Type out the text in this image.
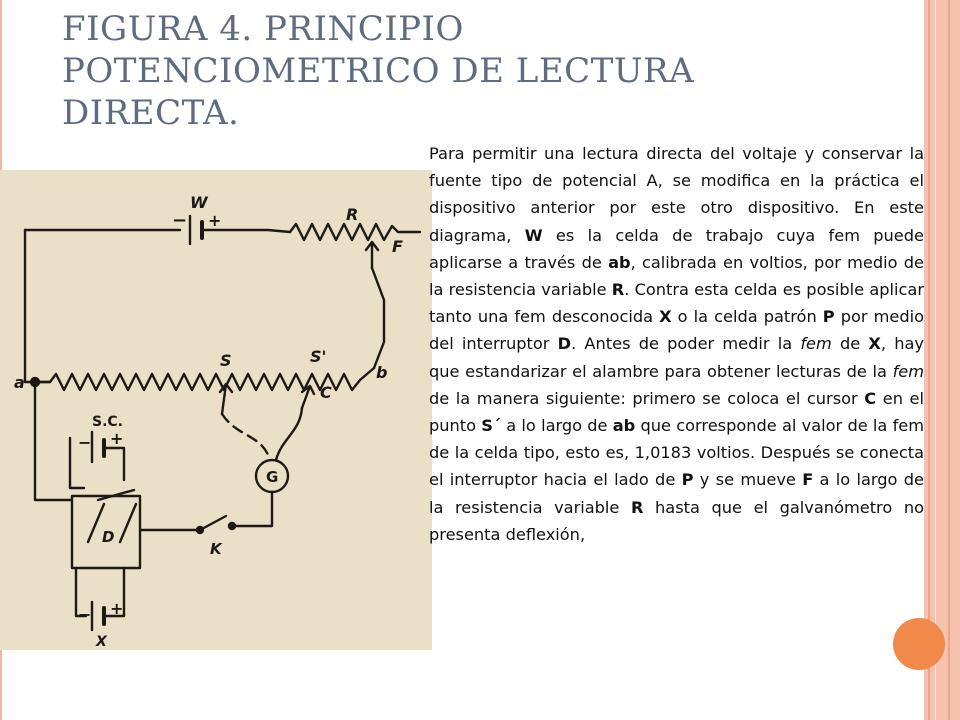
FIGURA 4. PRINCIPIO
POTENCIOMETRICO DE LECTURA
DIRECTA.
W
− +	R
F
S	S'
a
b
C
S.C.
− +
G
D
K
− +
X
Para permitir una lectura directa del voltaje y conservar la fuente tipo de potencial A, se modifica en la práctica el dispositivo anterior por este otro dispositivo. En este diagrama, W es la celda de trabajo cuya fem puede aplicarse a través de ab, calibrada en voltios, por medio de la resistencia variable R. Contra esta celda es posible aplicar tanto una fem desconocida X o la celda patrón P por medio del interruptor D. Antes de poder medir la fem de X, hay que estandarizar el alambre para obtener lecturas de la fem de la manera siguiente: primero se coloca el cursor C en el punto S´ a lo largo de ab que corresponde al valor de la fem de la celda tipo, esto es, 1,0183 voltios. Después se conecta el interruptor hacia el lado de P y se mueve F a lo largo de la resistencia variable R hasta que el galvanómetro no presenta deflexión,
